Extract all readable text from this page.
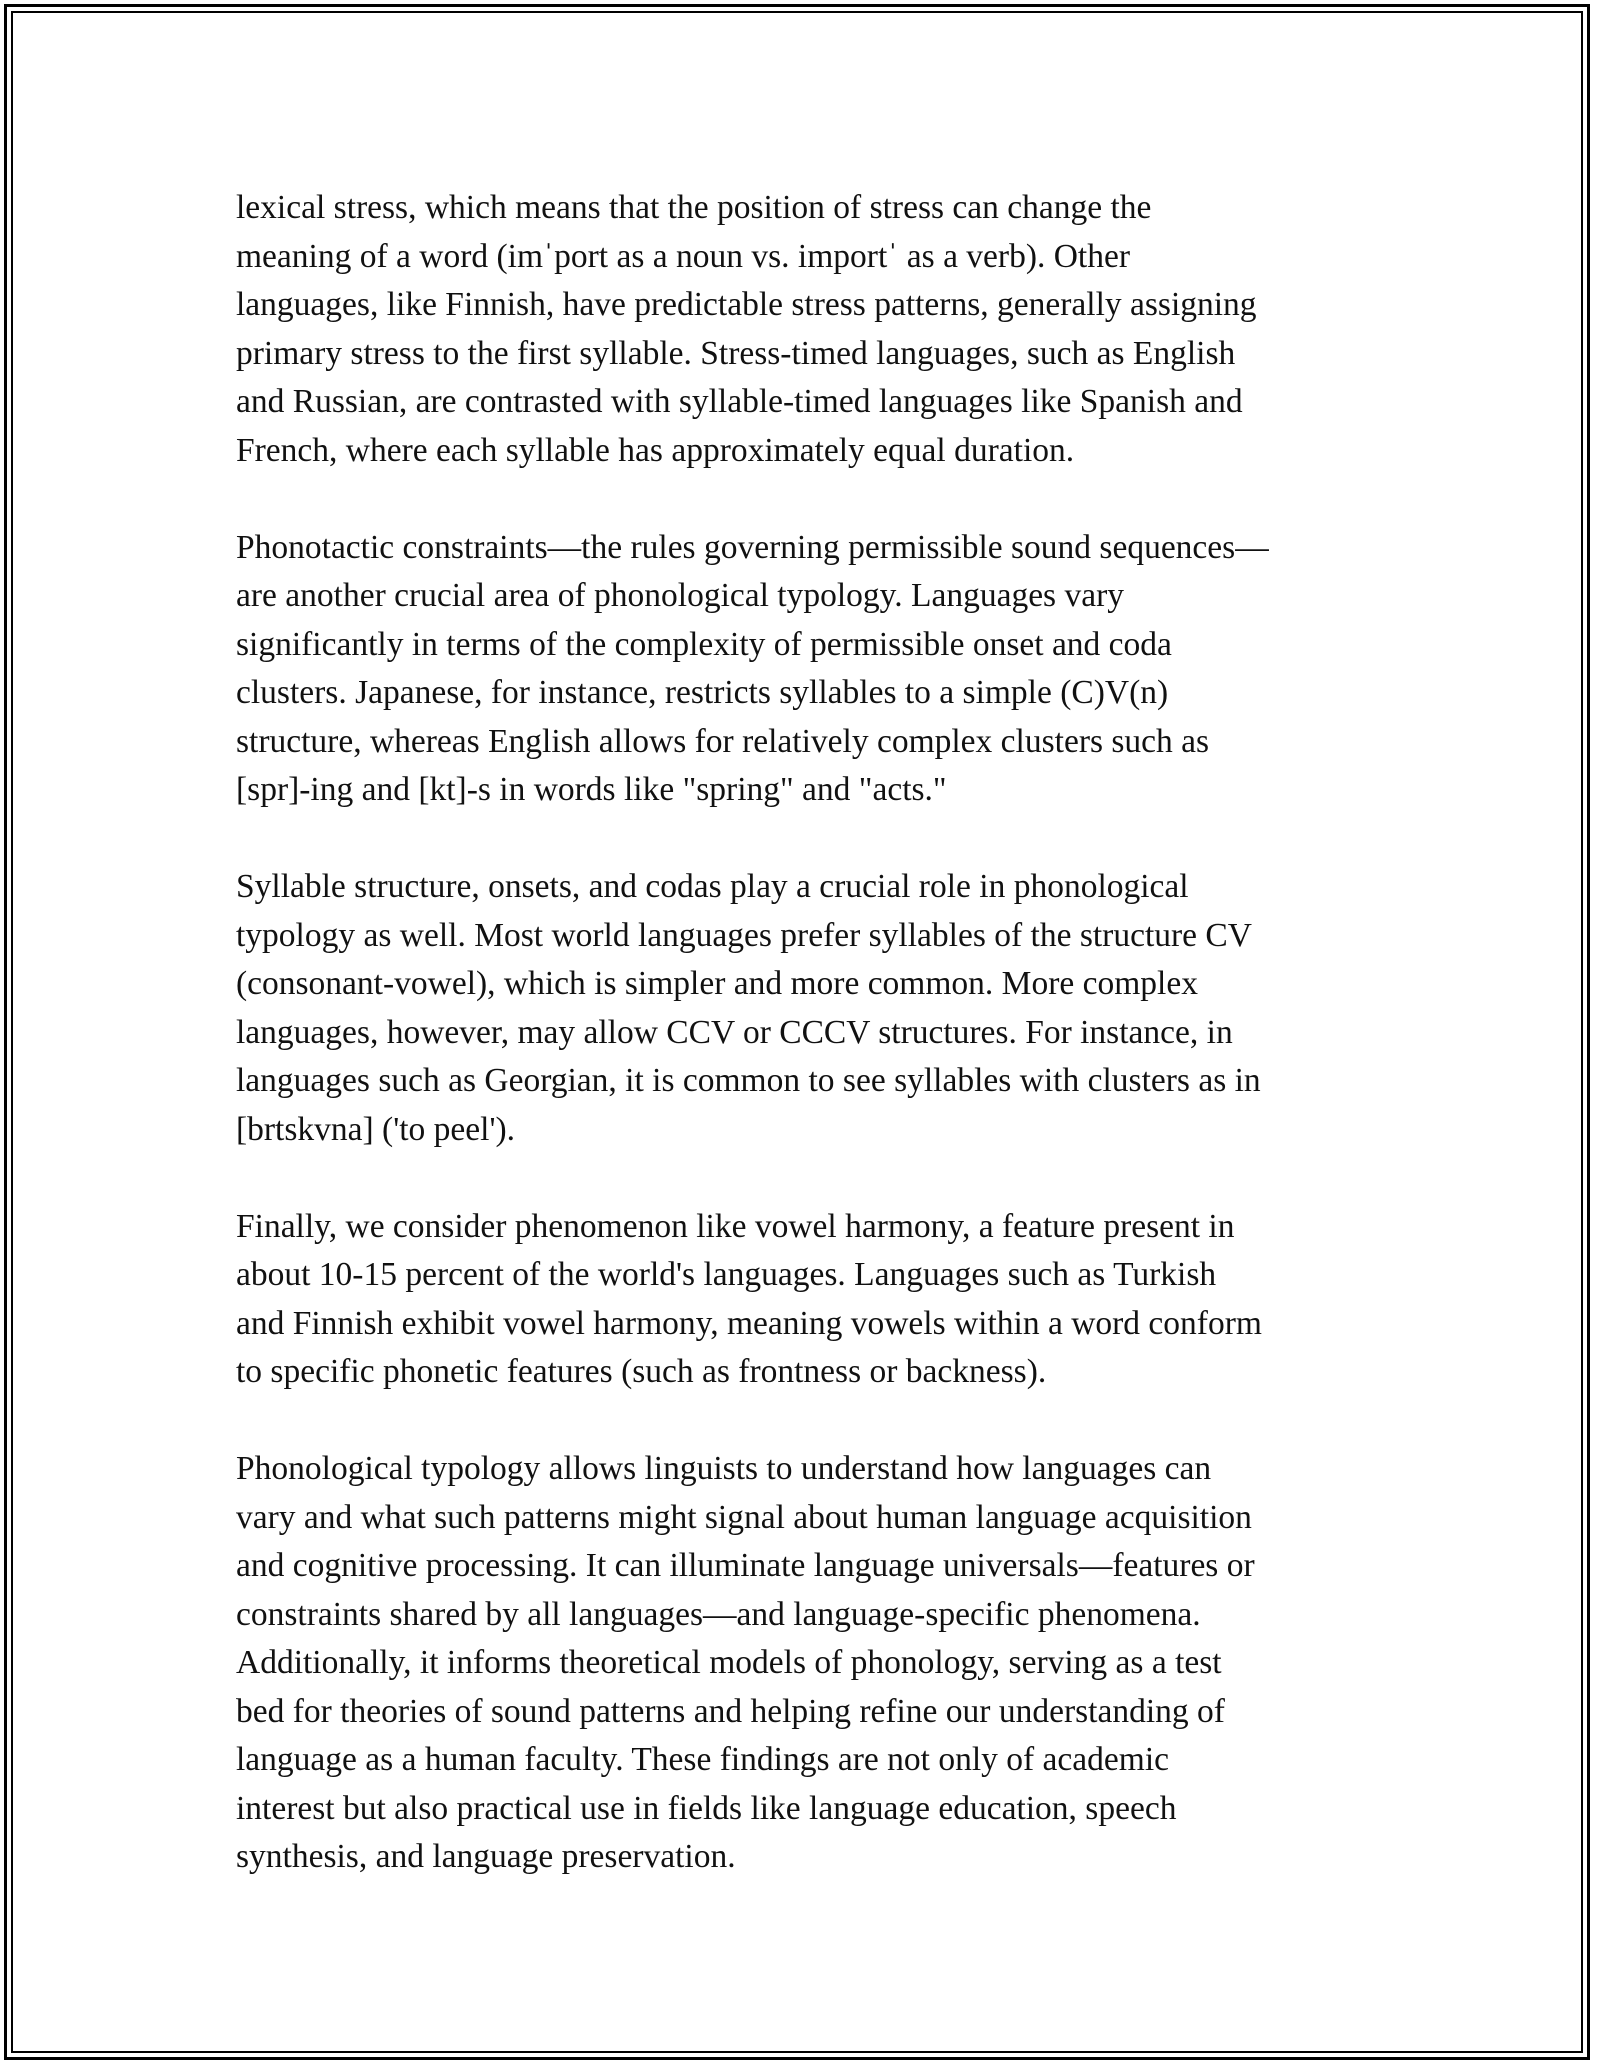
lexical stress, which means that the position of stress can change the
meaning of a word (imˈport as a noun vs. importˈ as a verb). Other
languages, like Finnish, have predictable stress patterns, generally assigning
primary stress to the first syllable. Stress-timed languages, such as English
and Russian, are contrasted with syllable-timed languages like Spanish and
French, where each syllable has approximately equal duration.

Phonotactic constraints—the rules governing permissible sound sequences—
are another crucial area of phonological typology. Languages vary
significantly in terms of the complexity of permissible onset and coda
clusters. Japanese, for instance, restricts syllables to a simple (C)V(n)
structure, whereas English allows for relatively complex clusters such as
[spr]-ing and [kt]-s in words like "spring" and "acts."

Syllable structure, onsets, and codas play a crucial role in phonological
typology as well. Most world languages prefer syllables of the structure CV
(consonant-vowel), which is simpler and more common. More complex
languages, however, may allow CCV or CCCV structures. For instance, in
languages such as Georgian, it is common to see syllables with clusters as in
[brtskvna] ('to peel').

Finally, we consider phenomenon like vowel harmony, a feature present in
about 10-15 percent of the world's languages. Languages such as Turkish
and Finnish exhibit vowel harmony, meaning vowels within a word conform
to specific phonetic features (such as frontness or backness).

Phonological typology allows linguists to understand how languages can
vary and what such patterns might signal about human language acquisition
and cognitive processing. It can illuminate language universals—features or
constraints shared by all languages—and language-specific phenomena.
Additionally, it informs theoretical models of phonology, serving as a test
bed for theories of sound patterns and helping refine our understanding of
language as a human faculty. These findings are not only of academic
interest but also practical use in fields like language education, speech
synthesis, and language preservation.
